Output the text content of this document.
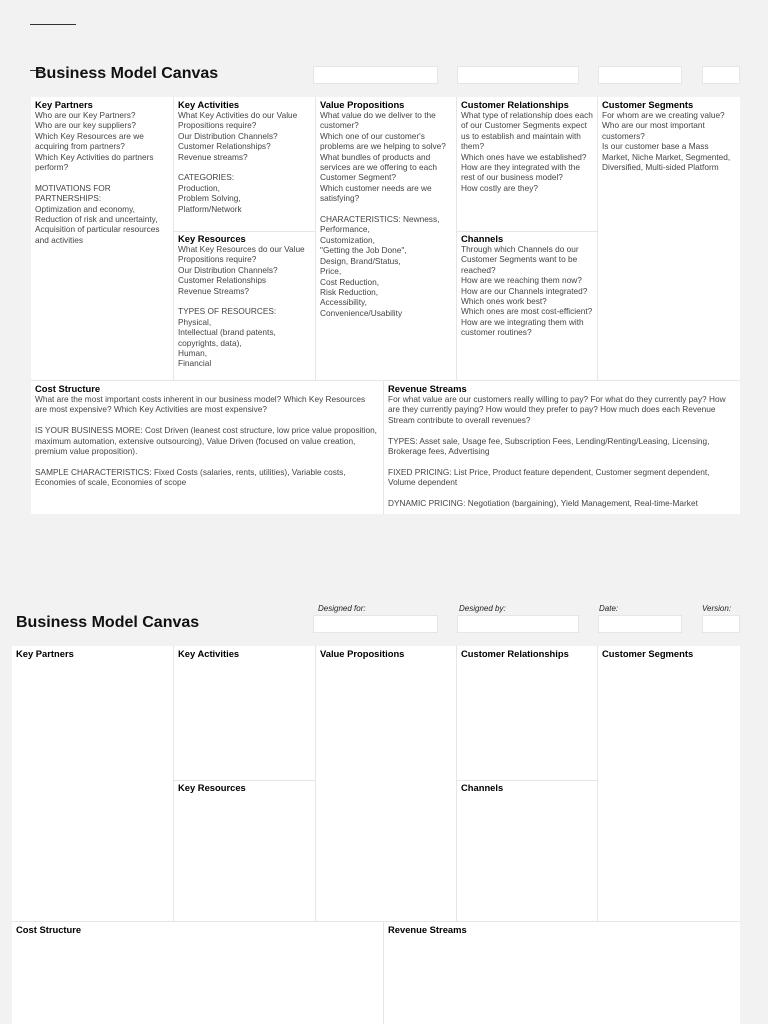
Business Model Canvas
Key Partners
Who are our Key Partners?
Who are our key suppliers?
Which Key Resources are we acquiring from partners?
Which Key Activities do partners perform?

MOTIVATIONS FOR PARTNERSHIPS:
Optimization and economy,
Reduction of risk and uncertainty,
Acquisition of particular resources and activities
Key Activities
What Key Activities do our Value Propositions require?
Our Distribution Channels?
Customer Relationships?
Revenue streams?

CATEGORIES:
Production,
Problem Solving,
Platform/Network
Key Resources
What Key Resources do our Value Propositions require?
Our Distribution Channels?
Customer Relationships
Revenue Streams?

TYPES OF RESOURCES:
Physical,
Intellectual (brand patents, copyrights, data),
Human,
Financial
Value Propositions
What value do we deliver to the customer?
Which one of our customer's problems are we helping to solve?
What bundles of products and services are we offering to each Customer Segment?
Which customer needs are we satisfying?

CHARACTERISTICS: Newness,
Performance,
Customization,
"Getting the Job Done",
Design, Brand/Status,
Price,
Cost Reduction,
Risk Reduction,
Accessibility,
Convenience/Usability
Customer Relationships
What type of relationship does each of our Customer Segments expect us to establish and maintain with them?
Which ones have we established?
How are they integrated with the rest of our business model?
How costly are they?
Channels
Through which Channels do our Customer Segments want to be reached?
How are we reaching them now?
How are our Channels integrated?
Which ones work best?
Which ones are most cost-efficient?
How are we integrating them with customer routines?
Customer Segments
For whom are we creating value?
Who are our most important customers?
Is our customer base a Mass Market, Niche Market, Segmented, Diversified, Multi-sided Platform
Cost Structure
What are the most important costs inherent in our business model? Which Key Resources are most expensive? Which Key Activities are most expensive?

IS YOUR BUSINESS MORE: Cost Driven (leanest cost structure, low price value proposition, maximum automation, extensive outsourcing), Value Driven (focused on value creation, premium value proposition).

SAMPLE CHARACTERISTICS: Fixed Costs (salaries, rents, utilities), Variable costs, Economies of scale, Economies of scope
Revenue Streams
For what value are our customers really willing to pay? For what do they currently pay? How are they currently paying? How would they prefer to pay? How much does each Revenue Stream contribute to overall revenues?

TYPES: Asset sale, Usage fee, Subscription Fees, Lending/Renting/Leasing, Licensing, Brokerage fees, Advertising

FIXED PRICING: List Price, Product feature dependent, Customer segment dependent, Volume dependent

DYNAMIC PRICING: Negotiation (bargaining), Yield Management, Real-time-Market
Business Model Canvas
Designed for:	Designed by:	Date:	Version:
Key Partners	Key Activities
Key Resources
Value Propositions	Customer Relationships
Channels
Customer Segments
Cost Structure	Revenue Streams
